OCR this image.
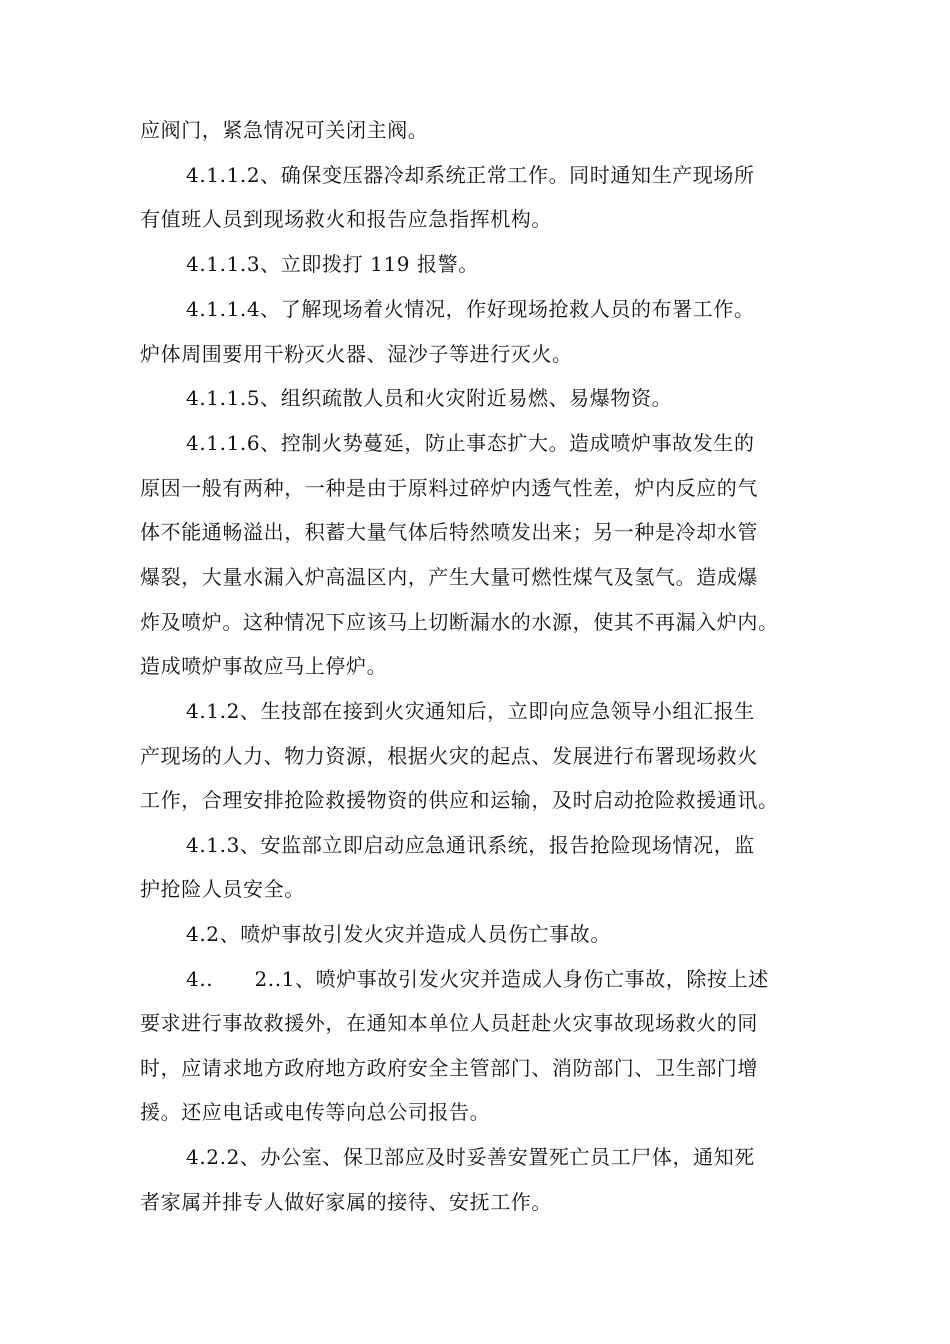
应阀门，紧急情况可关闭主阀。
4.1.1.2、确保变压器冷却系统正常工作。同时通知生产现场所
有值班人员到现场救火和报告应急指挥机构。
4.1.1.3、立即拨打 119 报警。
4.1.1.4、了解现场着火情况，作好现场抢救人员的布署工作。
炉体周围要用干粉灭火器、湿沙子等进行灭火。
4.1.1.5、组织疏散人员和火灾附近易燃、易爆物资。
4.1.1.6、控制火势蔓延，防止事态扩大。造成喷炉事故发生的
原因一般有两种，一种是由于原料过碎炉内透气性差，炉内反应的气
体不能通畅溢出，积蓄大量气体后特然喷发出来；另一种是冷却水管
爆裂，大量水漏入炉高温区内，产生大量可燃性煤气及氢气。造成爆
炸及喷炉。这种情况下应该马上切断漏水的水源，使其不再漏入炉内。
造成喷炉事故应马上停炉。
4.1.2、生技部在接到火灾通知后，立即向应急领导小组汇报生
产现场的人力、物力资源，根据火灾的起点、发展进行布署现场救火
工作，合理安排抢险救援物资的供应和运输，及时启动抢险救援通讯。
4.1.3、安监部立即启动应急通讯系统，报告抢险现场情况，监
护抢险人员安全。
4.2、喷炉事故引发火灾并造成人员伤亡事故。
4..　　2..1、喷炉事故引发火灾并造成人身伤亡事故，除按上述
要求进行事故救援外，在通知本单位人员赶赴火灾事故现场救火的同
时，应请求地方政府地方政府安全主管部门、消防部门、卫生部门增
援。还应电话或电传等向总公司报告。
4.2.2、办公室、保卫部应及时妥善安置死亡员工尸体，通知死
者家属并排专人做好家属的接待、安抚工作。
